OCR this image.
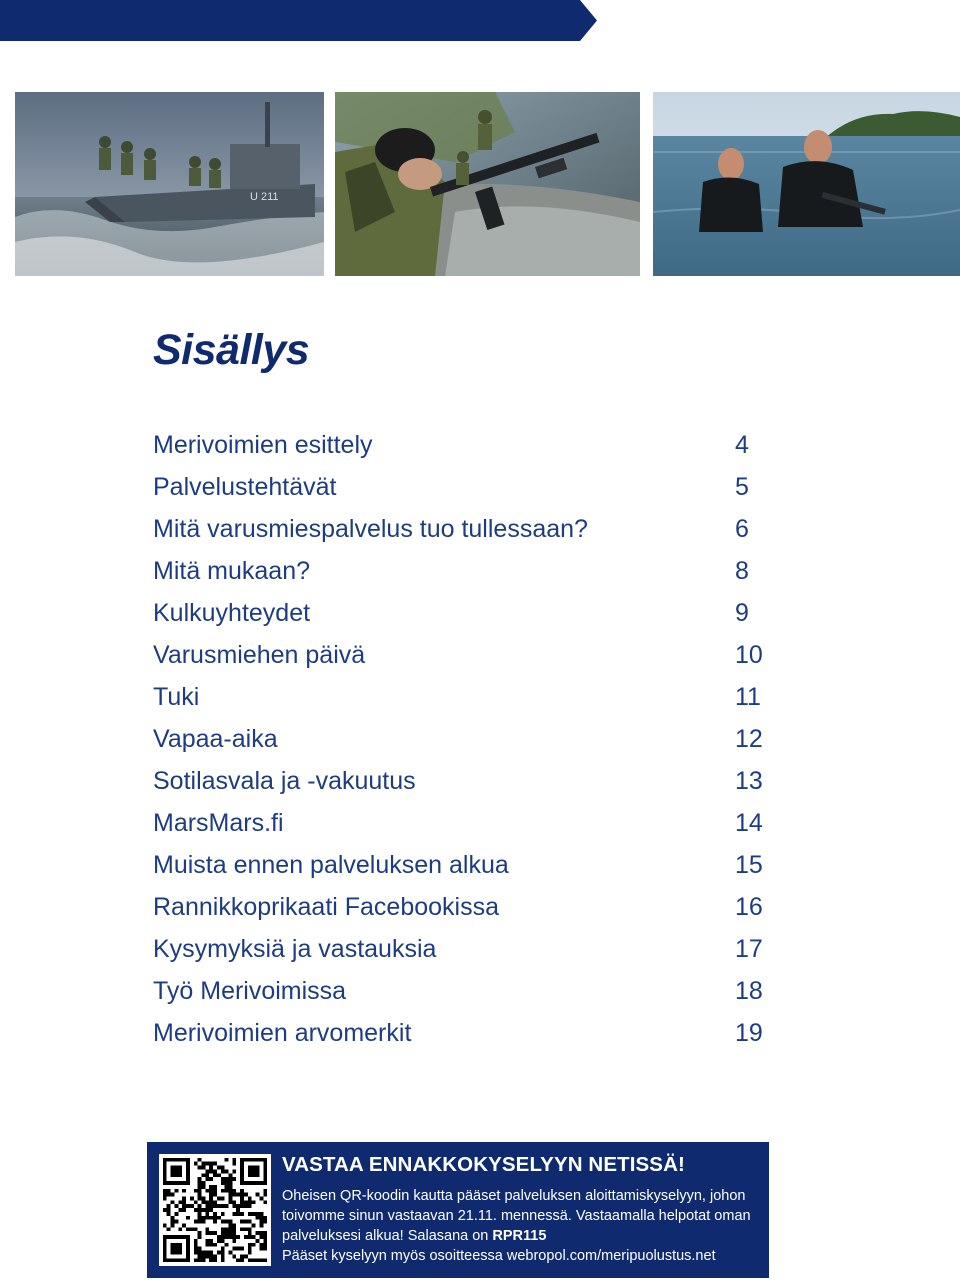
U 211
Sisällys
Merivoimien esittely	4
Palvelustehtävät	5
Mitä varusmiespalvelus tuo tullessaan?	6
Mitä mukaan?	8
Kulkuyhteydet	9
Varusmiehen päivä	10
Tuki	11
Vapaa-aika	12
Sotilasvala ja -vakuutus	13
MarsMars.fi	14
Muista ennen palveluksen alkua	15
Rannikkoprikaati Facebookissa	16
Kysymyksiä ja vastauksia	17
Työ Merivoimissa	18
Merivoimien arvomerkit	19
VASTAA ENNAKKOKYSELYYN NETISSÄ!

Oheisen QR-koodin kautta pääset palveluksen aloittamiskyselyyn, johon toivomme sinun vastaavan 21.11. mennessä. Vastaamalla helpotat oman palveluksesi alkua! Salasana on RPR115
Pääset kyselyyn myös osoitteessa webropol.com/meripuolustus.net
